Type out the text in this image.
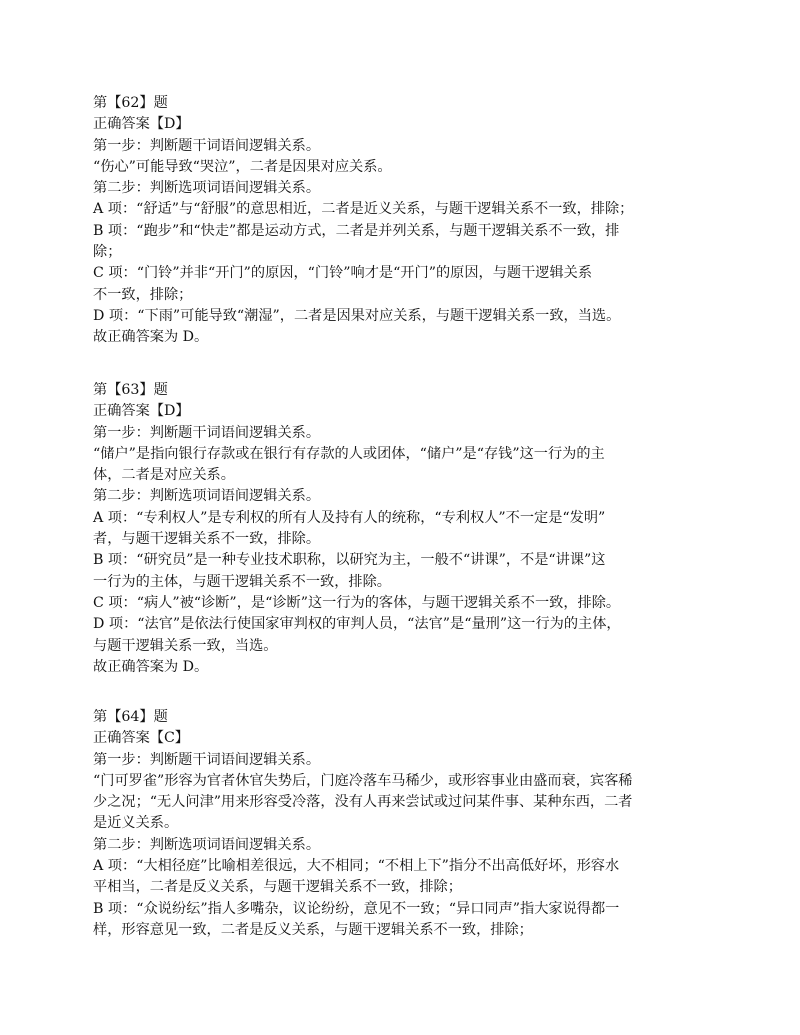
第【62】题
正确答案【D】
第一步：判断题干词语间逻辑关系。
“伤心”可能导致“哭泣”，二者是因果对应关系。
第二步：判断选项词语间逻辑关系。
A 项：“舒适”与“舒服”的意思相近，二者是近义关系，与题干逻辑关系不一致，排除；
B 项：“跑步”和“快走”都是运动方式，二者是并列关系，与题干逻辑关系不一致，排
除；
C 项：“门铃”并非“开门”的原因，“门铃”响才是“开门”的原因，与题干逻辑关系
不一致，排除；
D 项：“下雨”可能导致“潮湿”，二者是因果对应关系，与题干逻辑关系一致，当选。
故正确答案为 D。
第【63】题
正确答案【D】
第一步：判断题干词语间逻辑关系。
“储户”是指向银行存款或在银行有存款的人或团体，“储户”是“存钱”这一行为的主
体，二者是对应关系。
第二步：判断选项词语间逻辑关系。
A 项：“专利权人”是专利权的所有人及持有人的统称，“专利权人”不一定是“发明”
者，与题干逻辑关系不一致，排除。
B 项：“研究员”是一种专业技术职称，以研究为主，一般不“讲课”，不是“讲课”这
一行为的主体，与题干逻辑关系不一致，排除。
C 项：“病人”被“诊断”，是“诊断”这一行为的客体，与题干逻辑关系不一致，排除。
D 项：“法官”是依法行使国家审判权的审判人员，“法官”是“量刑”这一行为的主体，
与题干逻辑关系一致，当选。
故正确答案为 D。
第【64】题
正确答案【C】
第一步：判断题干词语间逻辑关系。
“门可罗雀”形容为官者休官失势后，门庭冷落车马稀少，或形容事业由盛而衰，宾客稀
少之况；“无人问津”用来形容受冷落，没有人再来尝试或过问某件事、某种东西，二者
是近义关系。
第二步：判断选项词语间逻辑关系。
A 项：“大相径庭”比喻相差很远，大不相同；“不相上下”指分不出高低好坏，形容水
平相当，二者是反义关系，与题干逻辑关系不一致，排除；
B 项：“众说纷纭”指人多嘴杂，议论纷纷，意见不一致；“异口同声”指大家说得都一
样，形容意见一致，二者是反义关系，与题干逻辑关系不一致，排除；
